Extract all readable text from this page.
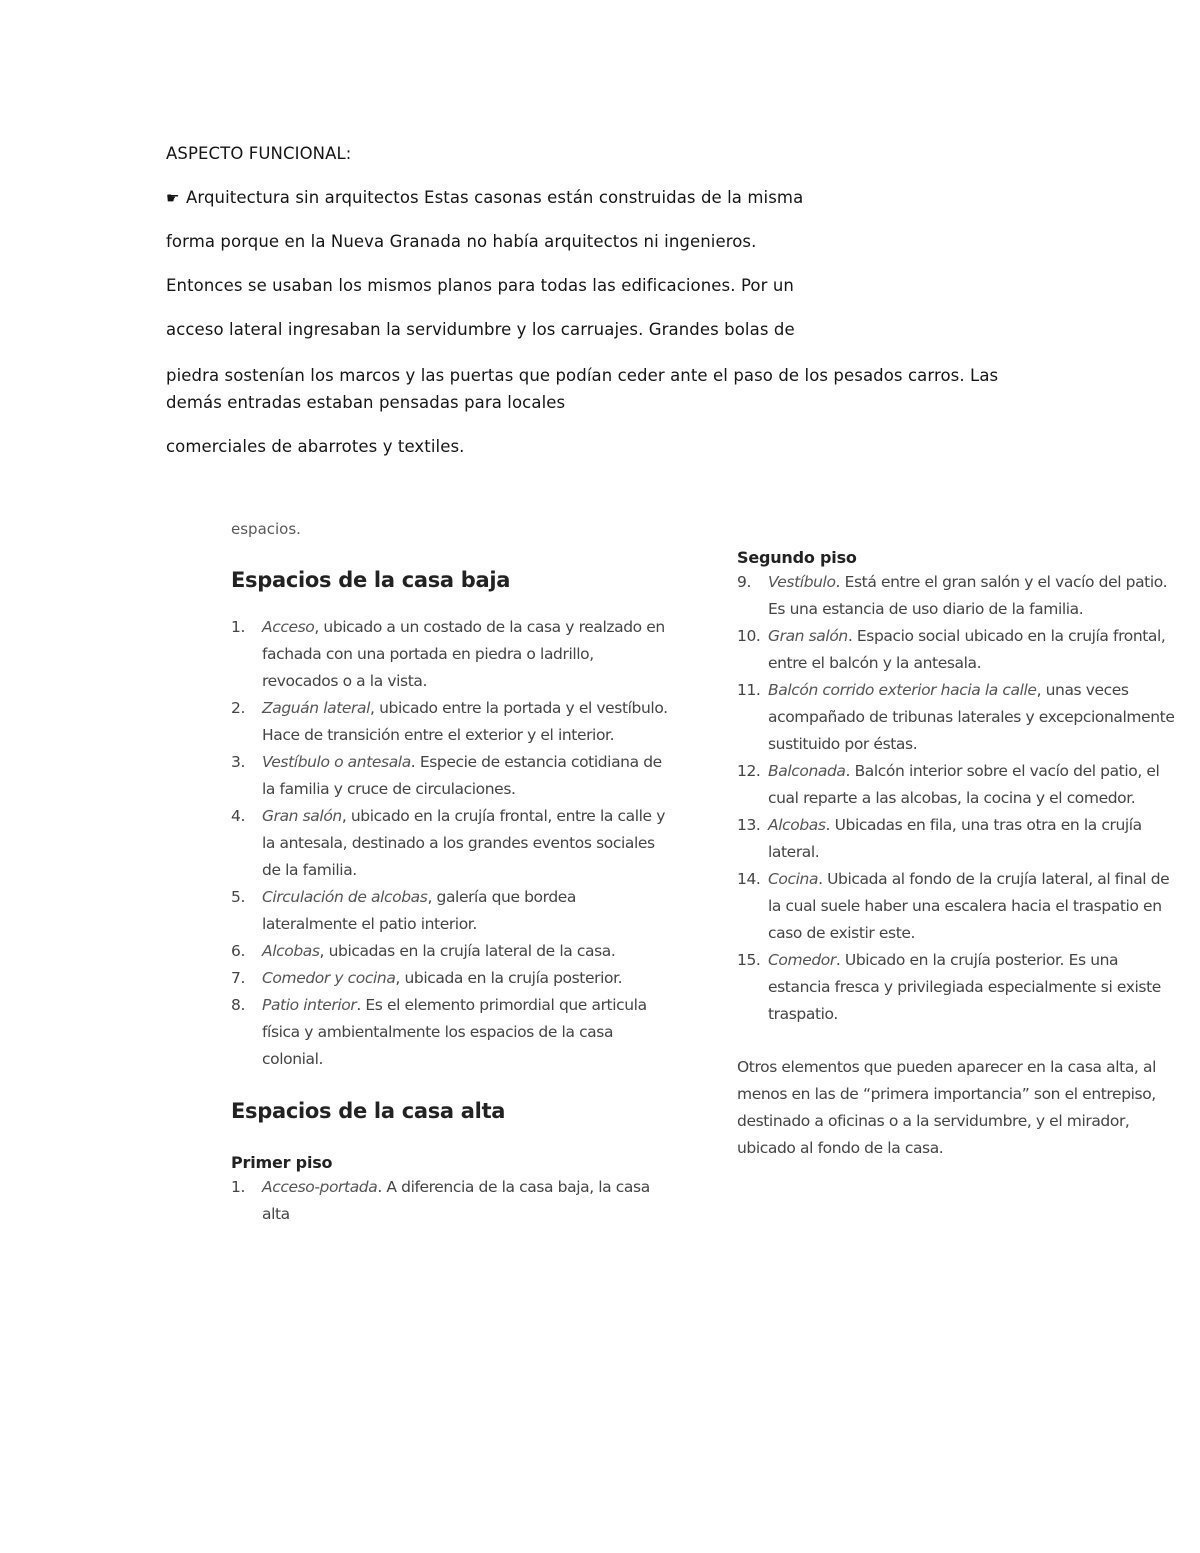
ASPECTO FUNCIONAL:

☛ Arquitectura sin arquitectos Estas casonas están construidas de la misma

forma porque en la Nueva Granada no había arquitectos ni ingenieros.

Entonces se usaban los mismos planos para todas las edificaciones. Por un

acceso lateral ingresaban la servidumbre y los carruajes. Grandes bolas de

piedra sostenían los marcos y las puertas que podían ceder ante el paso de los pesados carros. Las

demás entradas estaban pensadas para locales

comerciales de abarrotes y textiles.

espacios.

Espacios de la casa baja
1. Acceso, ubicado a un costado de la casa y realzado en fachada con una portada en piedra o ladrillo, revocados o a la vista.
2. Zaguán lateral, ubicado entre la portada y el vestíbulo. Hace de transición entre el exterior y el interior.
3. Vestíbulo o antesala. Especie de estancia cotidiana de la familia y cruce de circulaciones.
4. Gran salón, ubicado en la crujía frontal, entre la calle y la antesala, destinado a los grandes eventos sociales de la familia.
5. Circulación de alcobas, galería que bordea lateralmente el patio interior.
6. Alcobas, ubicadas en la crujía lateral de la casa.
7. Comedor y cocina, ubicada en la crujía posterior.
8. Patio interior. Es el elemento primordial que articula física y ambientalmente los espacios de la casa colonial.
Espacios de la casa alta
Primer piso
1. Acceso-portada. A diferencia de la casa baja, la casa alta
Segundo piso
9. Vestíbulo. Está entre el gran salón y el vacío del patio. Es una estancia de uso diario de la familia.
10. Gran salón. Espacio social ubicado en la crujía frontal, entre el balcón y la antesala.
11. Balcón corrido exterior hacia la calle, unas veces acompañado de tribunas laterales y excepcionalmente sustituido por éstas.
12. Balconada. Balcón interior sobre el vacío del patio, el cual reparte a las alcobas, la cocina y el comedor.
13. Alcobas. Ubicadas en fila, una tras otra en la crujía lateral.
14. Cocina. Ubicada al fondo de la crujía lateral, al final de la cual suele haber una escalera hacia el traspatio en caso de existir este.
15. Comedor. Ubicado en la crujía posterior. Es una estancia fresca y privilegiada especialmente si existe traspatio.

Otros elementos que pueden aparecer en la casa alta, al menos en las de “primera importancia” son el entrepiso, destinado a oficinas o a la servidumbre, y el mirador, ubicado al fondo de la casa.
